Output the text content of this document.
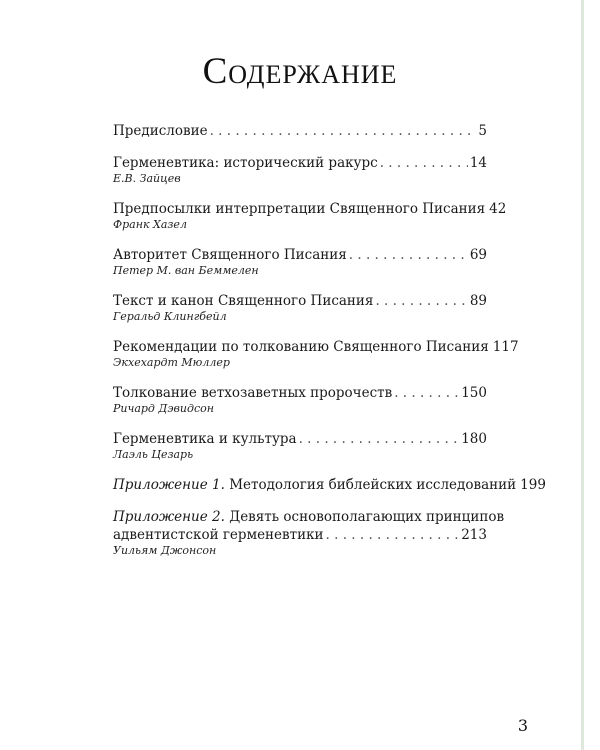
Содержание
Предисловие . . .	5
Герменевтика: исторический ракурс . . .	14
Е.В. Зайцев
Предпосылки интерпретации Священного Писания 42
Франк Хазел
Авторитет Священного Писания . . .	69
Петер М. ван Беммелен
Текст и канон Священного Писания . . .	89
Геральд Клингбейл
Рекомендации по толкованию Священного Писания 117
Экхехардт Мюллер
Толкование ветхозаветных пророчеств . . .	150
Ричард Дэвидсон
Герменевтика и культура . . .	180
Лаэль Цезарь
Приложение 1. Методология библейских исследований 199
Приложение 2. Девять основополагающих принципов
адвентистской герменевтики . . .	213
Уильям Джонсон
3
